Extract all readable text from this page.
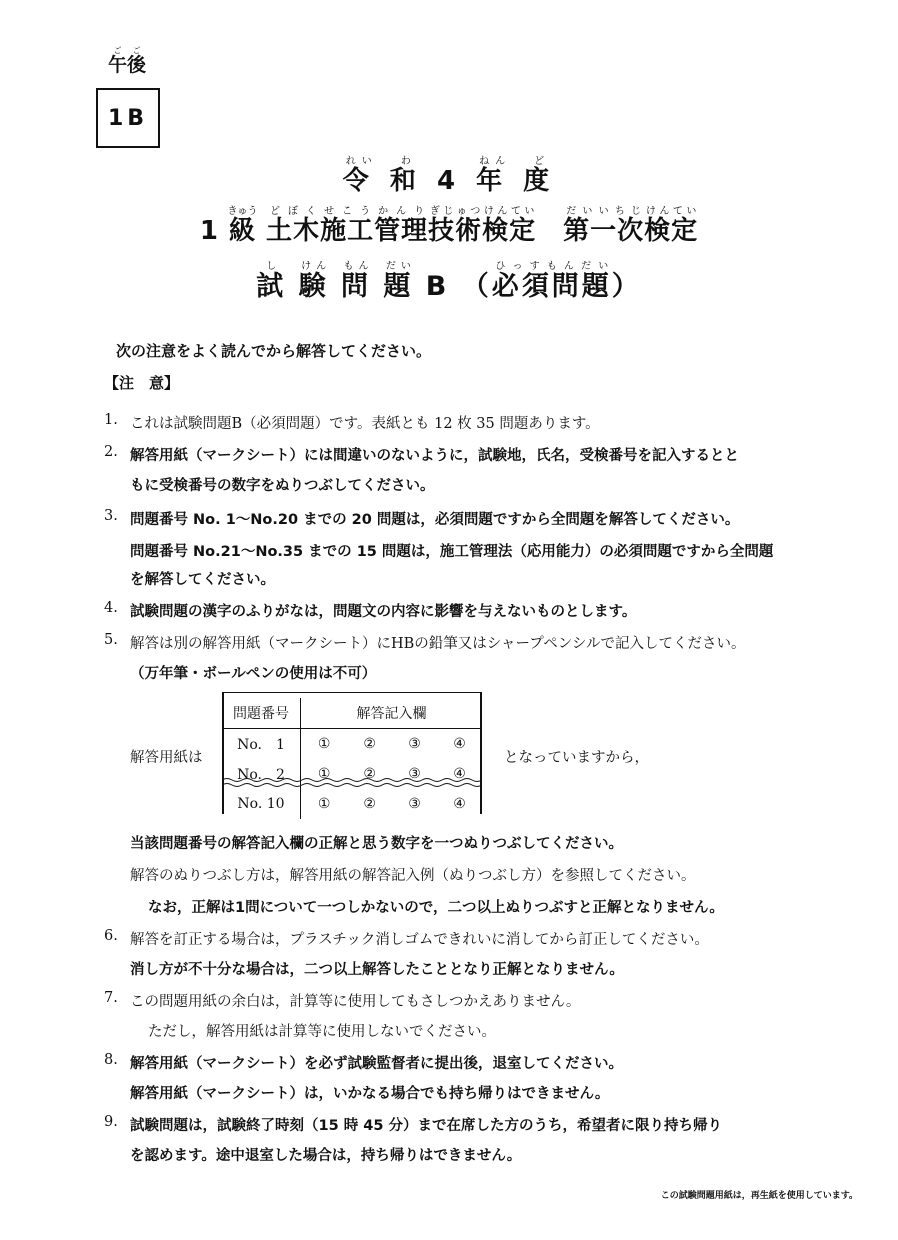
午後ごご
1B
令れい 和わ 4 年ねん 度ど
1 級きゅう 土木どぼく施工せこう管理かんり技術ぎじゅつ検定けんてい　第一次だいいちじ検定けんてい
試し 験けん 問もん 題だい B （必須問題ひっすもんだい）
次の注意をよく読んでから解答してください。
【注　意】
1. これは試験問題B（必須問題）です。表紙とも 12 枚 35 問題あります。
2. 解答用紙（マークシート）には間違いのないように，試験地，氏名，受検番号を記入するとと
もに受検番号の数字をぬりつぶしてください。
3. 問題番号 No. 1〜No.20 までの 20 問題は，必須問題ですから全問題を解答してください。
問題番号 No.21〜No.35 までの 15 問題は，施工管理法（応用能力）の必須問題ですから全問題
を解答してください。
4. 試験問題の漢字のふりがなは，問題文の内容に影響を与えないものとします。
5. 解答は別の解答用紙（マークシート）にHBの鉛筆又はシャープペンシルで記入してください。
（万年筆・ボールペンの使用は不可）
解答用紙は
問題番号	解答記入欄			
No.　1	①	②	③	④
No.　2	①	②	③	④
No. 10	①	②	③	④
となっていますから，
当該問題番号の解答記入欄の正解と思う数字を一つぬりつぶしてください。
解答のぬりつぶし方は，解答用紙の解答記入例（ぬりつぶし方）を参照してください。
なお，正解は1問について一つしかないので，二つ以上ぬりつぶすと正解となりません。
6. 解答を訂正する場合は，プラスチック消しゴムできれいに消してから訂正してください。
消し方が不十分な場合は，二つ以上解答したこととなり正解となりません。
7. この問題用紙の余白は，計算等に使用してもさしつかえありません。
ただし，解答用紙は計算等に使用しないでください。
8. 解答用紙（マークシート）を必ず試験監督者に提出後，退室してください。
解答用紙（マークシート）は，いかなる場合でも持ち帰りはできません。
9. 試験問題は，試験終了時刻（15 時 45 分）まで在席した方のうち，希望者に限り持ち帰り
を認めます。途中退室した場合は，持ち帰りはできません。
この試験問題用紙は，再生紙を使用しています。
